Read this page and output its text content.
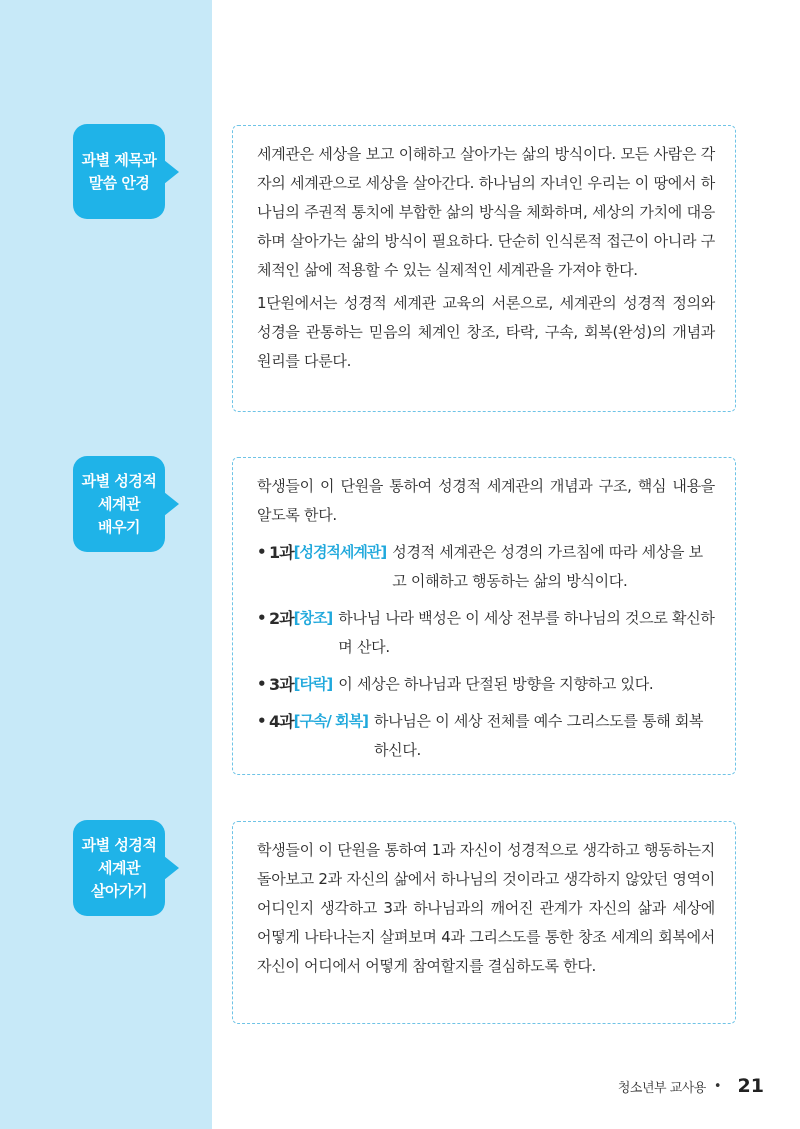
과별 제목과
말씀 안경

세계관은 세상을 보고 이해하고 살아가는 삶의 방식이다. 모든 사람은 각자의 세계관으로 세상을 살아간다. 하나님의 자녀인 우리는 이 땅에서 하나님의 주권적 통치에 부합한 삶의 방식을 체화하며, 세상의 가치에 대응하며 살아가는 삶의 방식이 필요하다. 단순히 인식론적 접근이 아니라 구체적인 삶에 적용할 수 있는 실제적인 세계관을 가져야 한다.

1단원에서는 성경적 세계관 교육의 서론으로, 세계관의 성경적 정의와 성경을 관통하는 믿음의 체계인 창조, 타락, 구속, 회복(완성)의 개념과 원리를 다룬다.

과별 성경적
세계관
배우기

학생들이 이 단원을 통하여 성경적 세계관의 개념과 구조, 핵심 내용을 알도록 한다.

• 1과 [성경적세계관] 성경적 세계관은 성경의 가르침에 따라 세상을 보고 이해하고 행동하는 삶의 방식이다.
• 2과 [창조] 하나님 나라 백성은 이 세상 전부를 하나님의 것으로 확신하며 산다.
• 3과 [타락] 이 세상은 하나님과 단절된 방향을 지향하고 있다.
• 4과 [구속/ 회복] 하나님은 이 세상 전체를 예수 그리스도를 통해 회복하신다.
과별 성경적
세계관
살아가기

학생들이 이 단원을 통하여 1과 자신이 성경적으로 생각하고 행동하는지 돌아보고 2과 자신의 삶에서 하나님의 것이라고 생각하지 않았던 영역이 어디인지 생각하고 3과 하나님과의 깨어진 관계가 자신의 삶과 세상에 어떻게 나타나는지 살펴보며 4과 그리스도를 통한 창조 세계의 회복에서 자신이 어디에서 어떻게 참여할지를 결심하도록 한다.

청소년부 교사용 • 21
